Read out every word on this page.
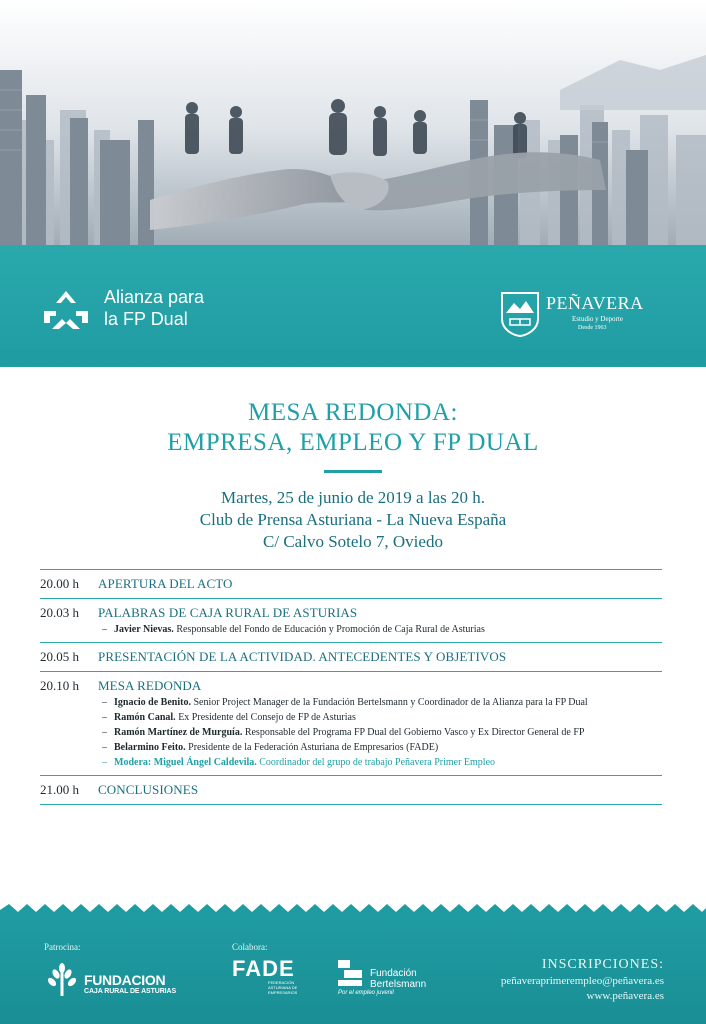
Alianza para
la FP Dual
PEÑAVERA
Estudio y Deporte
Desde 1963
MESA REDONDA:
EMPRESA, EMPLEO Y FP DUAL
Martes, 25 de junio de 2019 a las 20 h.
Club de Prensa Asturiana - La Nueva España
C/ Calvo Sotelo 7, Oviedo
20.00 h	APERTURA DEL ACTO
20.03 h	PALABRAS DE CAJA RURAL DE ASTURIAS
– Javier Nievas. Responsable del Fondo de Educación y Promoción de Caja Rural de Asturias
20.05 h	PRESENTACIÓN DE LA ACTIVIDAD. ANTECEDENTES Y OBJETIVOS
20.10 h	MESA REDONDA
– Ignacio de Benito. Senior Project Manager de la Fundación Bertelsmann y Coordinador de la Alianza para la FP Dual
– Ramón Canal. Ex Presidente del Consejo de FP de Asturias
– Ramón Martínez de Murguía. Responsable del Programa FP Dual del Gobierno Vasco y Ex Director General de FP
– Belarmino Feito. Presidente de la Federación Asturiana de Empresarios (FADE)
– Modera: Miguel Ángel Caldevila. Coordinador del grupo de trabajo Peñavera Primer Empleo
21.00 h	CONCLUSIONES
Patrocina:	Colabora:
FUNDACION
CAJA RURAL DE ASTURIAS
FADE
FEDERACIÓN ASTURIANA DE EMPRESARIOS
Fundación Bertelsmann
Por el empleo juvenil
INSCRIPCIONES:
peñaveraprimerempleo@peñavera.es
www.peñavera.es
